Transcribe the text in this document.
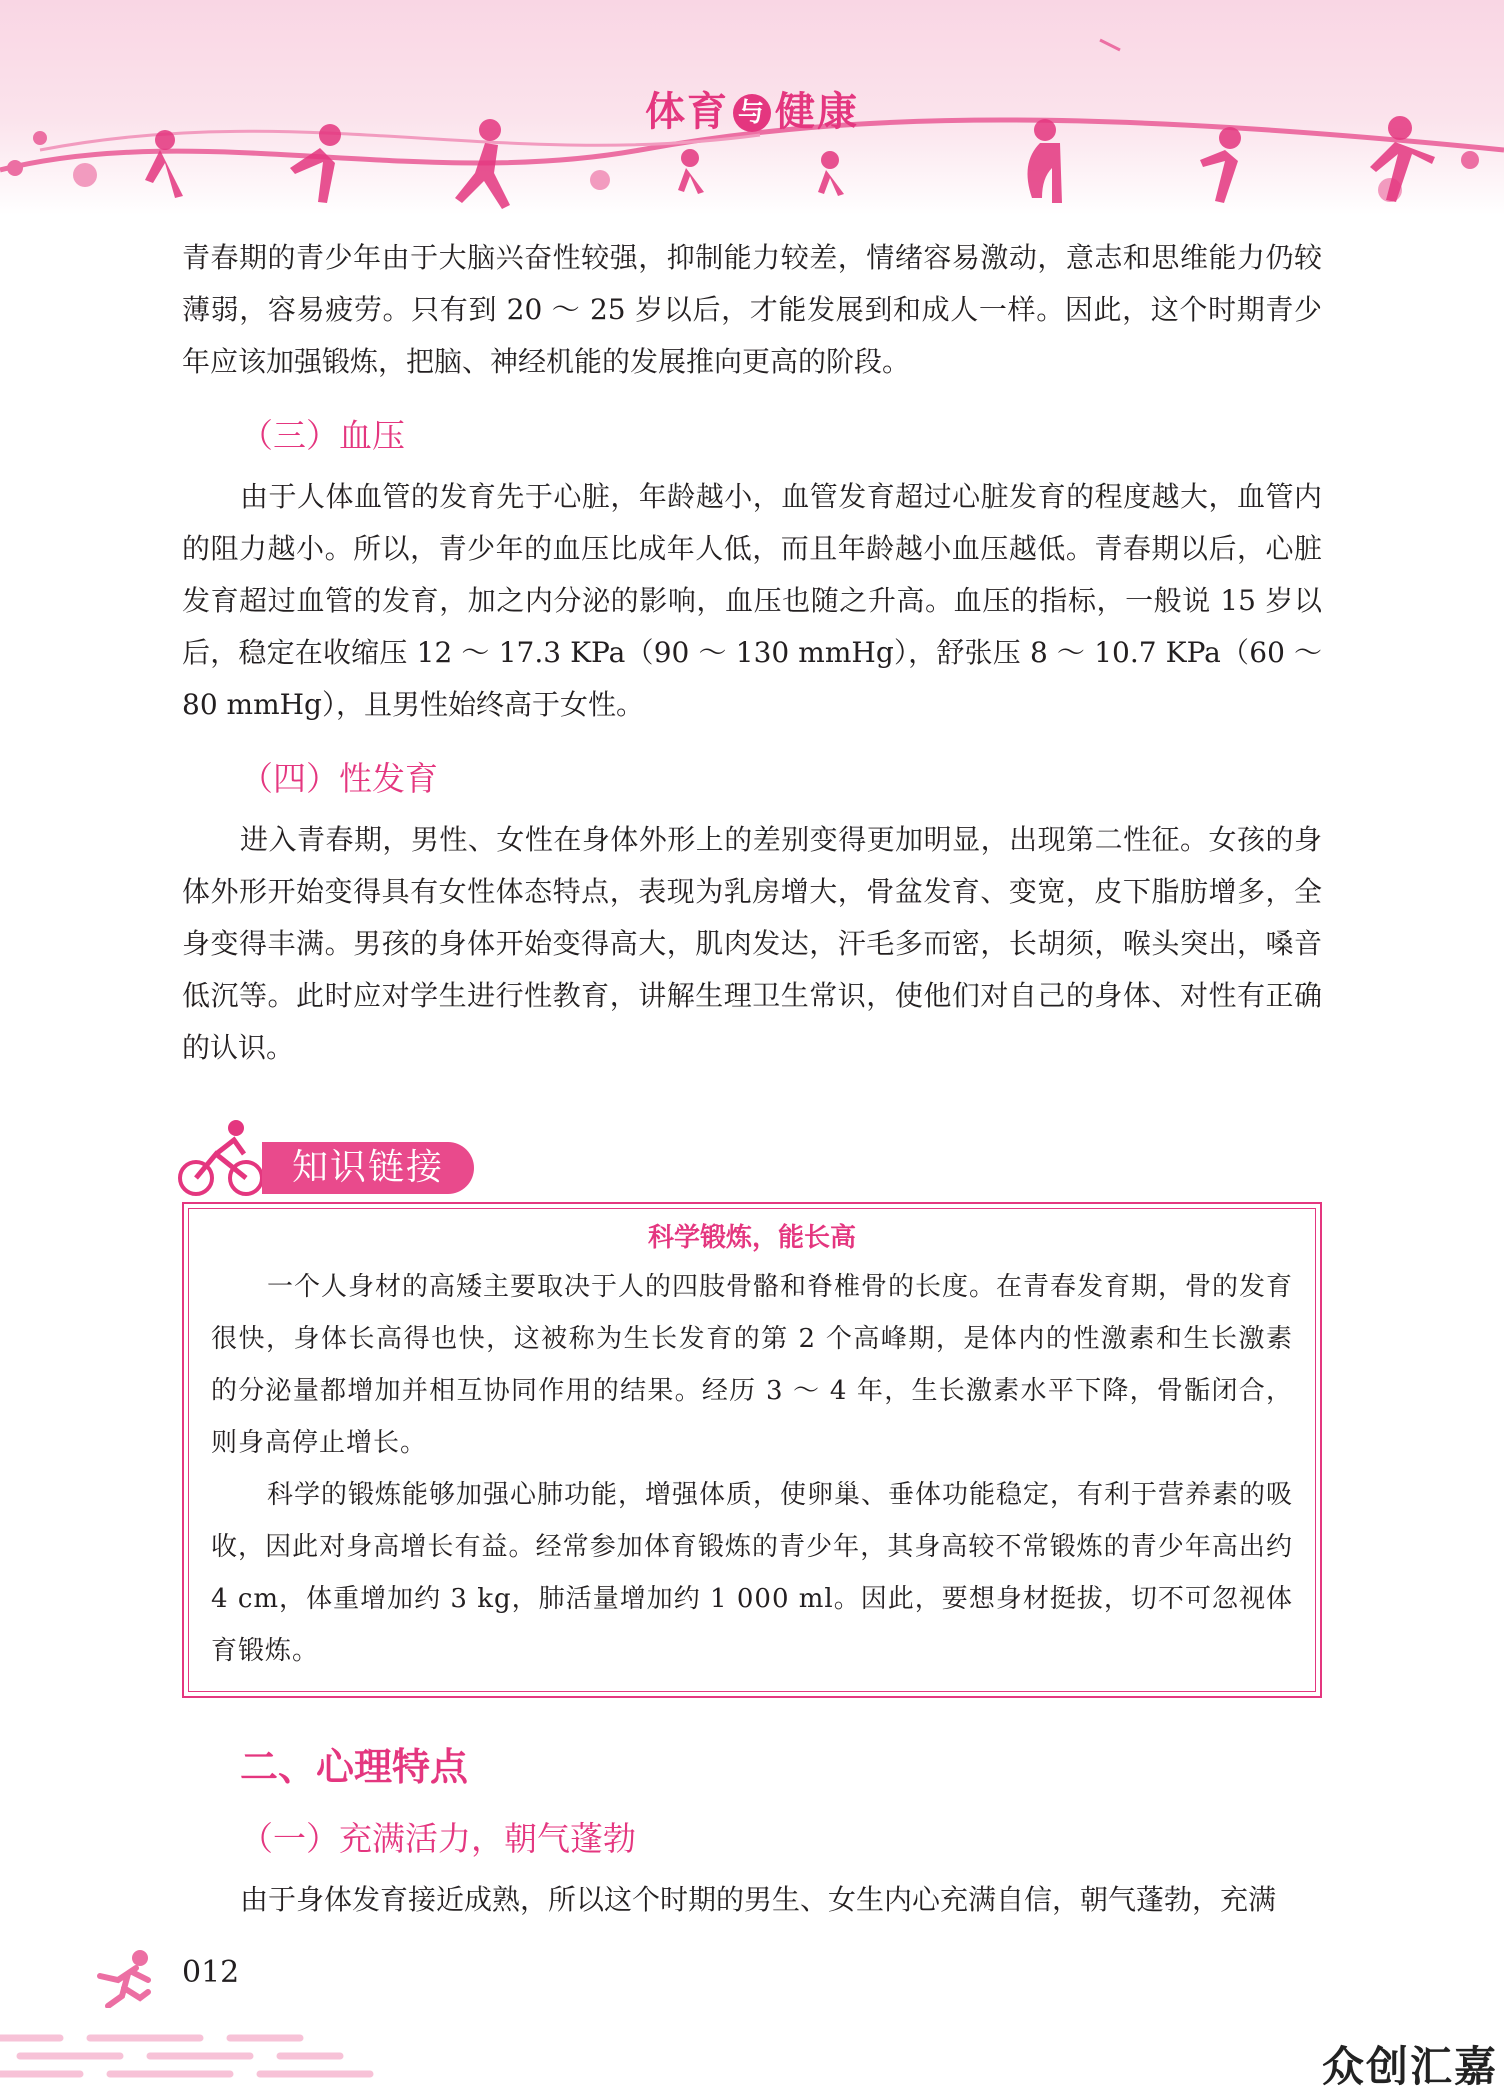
体育 与 健康

青春期的青少年由于大脑兴奋性较强，抑制能力较差，情绪容易激动，意志和思维能力仍较薄弱，容易疲劳。只有到 20 ～ 25 岁以后，才能发展到和成人一样。因此，这个时期青少年应该加强锻炼，把脑、神经机能的发展推向更高的阶段。

（三）血压

由于人体血管的发育先于心脏，年龄越小，血管发育超过心脏发育的程度越大，血管内的阻力越小。所以，青少年的血压比成年人低，而且年龄越小血压越低。青春期以后，心脏发育超过血管的发育，加之内分泌的影响，血压也随之升高。血压的指标，一般说 15 岁以后，稳定在收缩压 12 ～ 17.3 KPa（90 ～ 130 mmHg），舒张压 8 ～ 10.7 KPa（60 ～ 80 mmHg），且男性始终高于女性。

（四）性发育

进入青春期，男性、女性在身体外形上的差别变得更加明显，出现第二性征。女孩的身体外形开始变得具有女性体态特点，表现为乳房增大，骨盆发育、变宽，皮下脂肪增多，全身变得丰满。男孩的身体开始变得高大，肌肉发达，汗毛多而密，长胡须，喉头突出，嗓音低沉等。此时应对学生进行性教育，讲解生理卫生常识，使他们对自己的身体、对性有正确的认识。

知识链接
科学锻炼，能长高

一个人身材的高矮主要取决于人的四肢骨骼和脊椎骨的长度。在青春发育期，骨的发育很快，身体长高得也快，这被称为生长发育的第 2 个高峰期，是体内的性激素和生长激素的分泌量都增加并相互协同作用的结果。经历 3 ～ 4 年，生长激素水平下降，骨骺闭合，则身高停止增长。

科学的锻炼能够加强心肺功能，增强体质，使卵巢、垂体功能稳定，有利于营养素的吸收，因此对身高增长有益。经常参加体育锻炼的青少年，其身高较不常锻炼的青少年高出约 4 cm，体重增加约 3 kg，肺活量增加约 1 000 ml。因此，要想身材挺拔，切不可忽视体育锻炼。

二、心理特点
（一）充满活力，朝气蓬勃

由于身体发育接近成熟，所以这个时期的男生、女生内心充满自信，朝气蓬勃，充满

012
众创汇嘉
